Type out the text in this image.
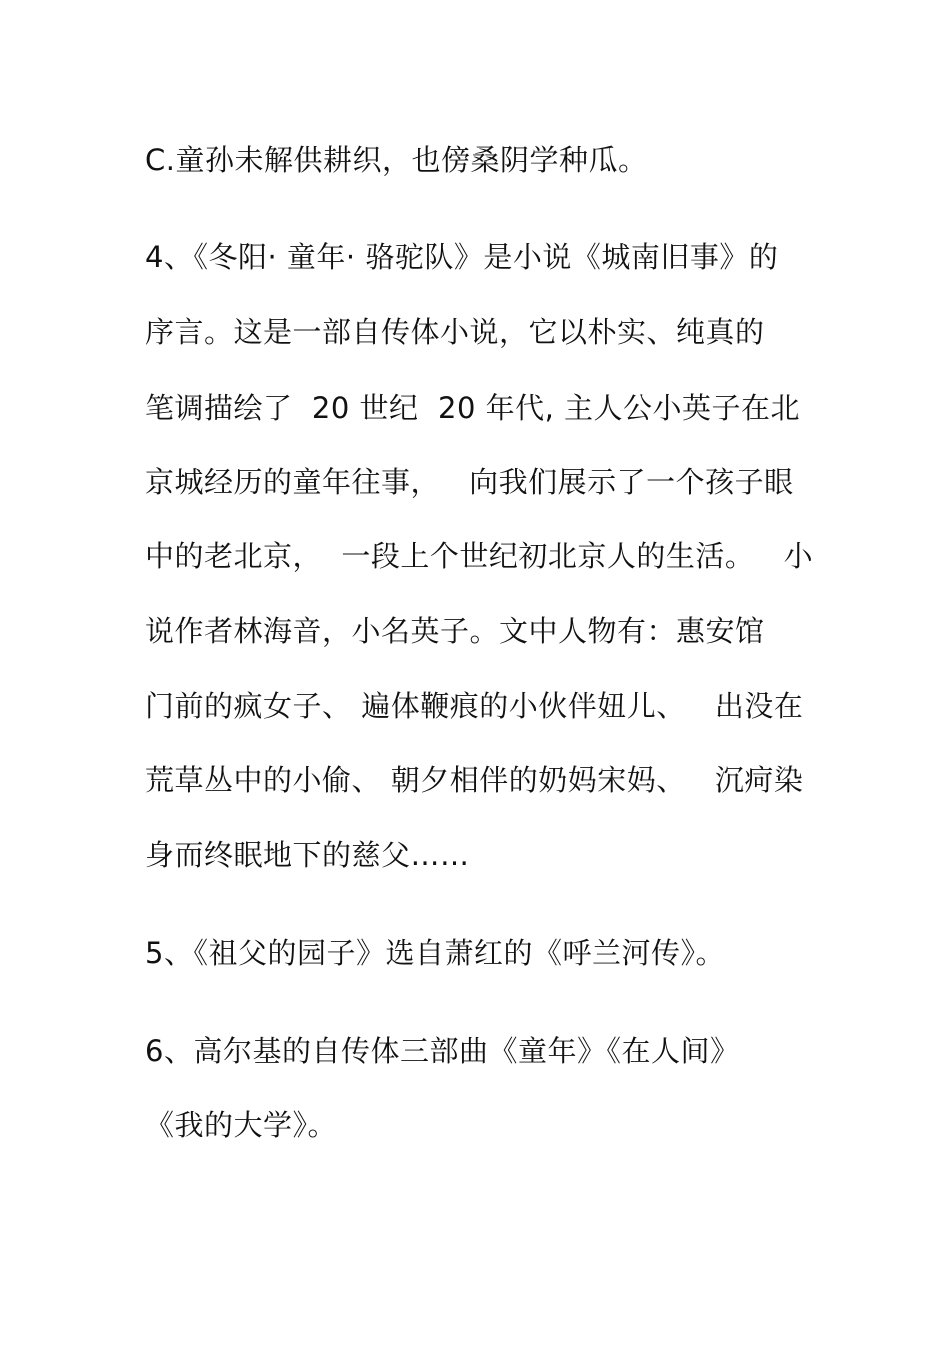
C.童孙未解供耕织，也傍桑阴学种瓜。
4、《冬阳· 童年· 骆驼队》是小说《城南旧事》的
序言。这是一部自传体小说，它以朴实、纯真的
笔调描绘了  20 世纪  20 年代, 主人公小英子在北
京城经历的童年往事，   向我们展示了一个孩子眼
中的老北京，  一段上个世纪初北京人的生活。   小
说作者林海音，小名英子。文中人物有：惠安馆
门前的疯女子、 遍体鞭痕的小伙伴妞儿、   出没在
荒草丛中的小偷、 朝夕相伴的奶妈宋妈、   沉疴染
身而终眠地下的慈父……
5、《祖父的园子》选自萧红的《呼兰河传》。
6、高尔基的自传体三部曲《童年》《在人间》
《我的大学》。
